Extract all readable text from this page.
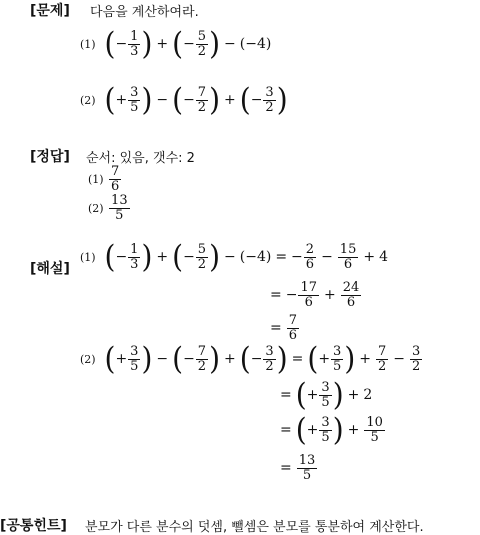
[문제] 다음을 계산하여라.
(1)
( − $\frac{1}{3}$ ) + ( − $\frac{5}{2}$ ) − (−4)
(2)
( + $\frac{3}{5}$ ) − ( − $\frac{7}{2}$ ) + ( − $\frac{3}{2}$ )
[정답] 순서: 있음, 갯수: 2
(1)
$\frac{7}{6}$
(2)
$\frac{13}{5}$
[해설]
(1)
( − $\frac{1}{3}$ ) + ( − $\frac{5}{2}$ ) − (−4) = − $\frac{2}{6} - \frac{15}{6} + 4$
= − $\frac{17}{6} + \frac{24}{6}$
= $\frac{7}{6}$
(2)
( + $\frac{3}{5}$ ) − ( − $\frac{7}{2}$ ) + ( − $\frac{3}{2}$ ) = ( + $\frac{3}{5}$ ) + $\frac{7}{2} - \frac{3}{2}$
= ( + $\frac{3}{5}$ ) + 2
= ( + $\frac{3}{5}$ ) + $\frac{10}{5}$
= $\frac{13}{5}$
[공통힌트] 분모가 다른 분수의 덧셈, 뺄셈은 분모를 통분하여 계산한다.
